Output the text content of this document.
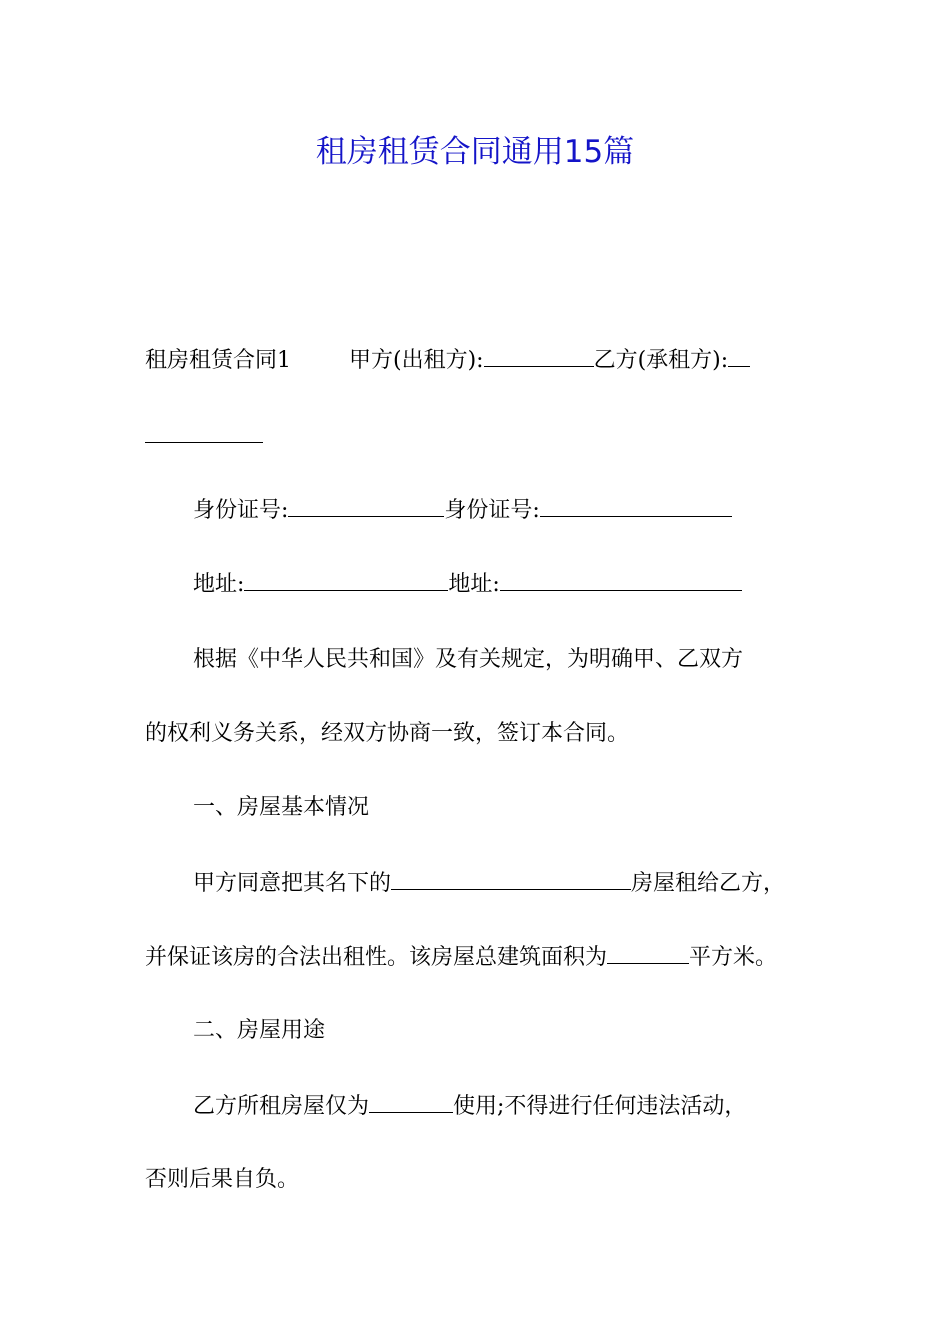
租房租赁合同通用15篇
租房租赁合同1	甲方(出租方):	乙方(承租方):
身份证号:	身份证号:
地址:	地址:
根据《中华人民共和国》及有关规定，为明确甲、乙双方
的权利义务关系，经双方协商一致，签订本合同。
一、房屋基本情况
甲方同意把其名下的	房屋租给乙方，
并保证该房的合法出租性。该房屋总建筑面积为	平方米。
二、房屋用途
乙方所租房屋仅为	使用;不得进行任何违法活动，
否则后果自负。
